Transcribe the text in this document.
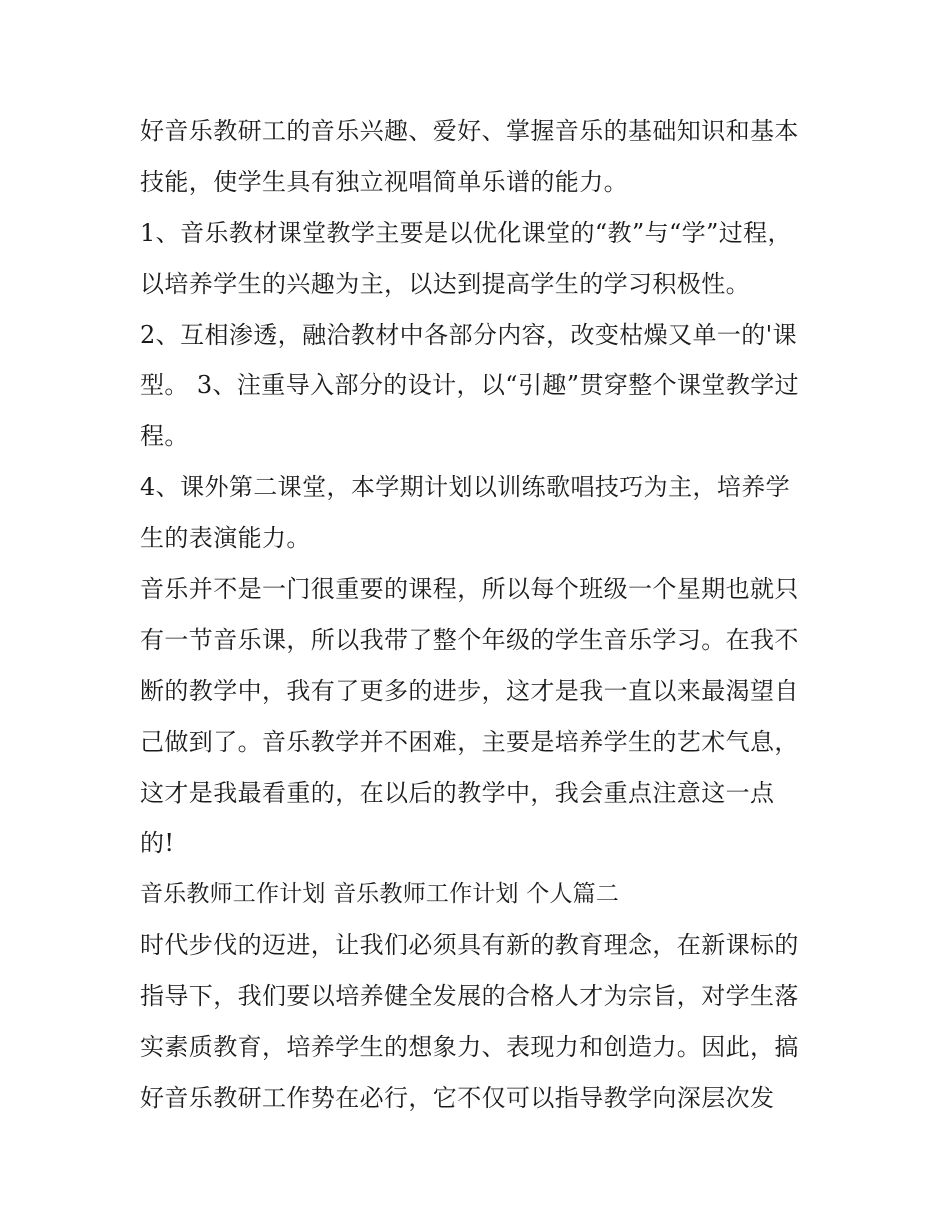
好音乐教研工的音乐兴趣、爱好、掌握音乐的基础知识和基本
技能，使学生具有独立视唱简单乐谱的能力。
1、音乐教材课堂教学主要是以优化课堂的“教”与“学”过程，
以培养学生的兴趣为主，以达到提高学生的学习积极性。
2、互相渗透，融洽教材中各部分内容，改变枯燥又单一的'课
型。 3、注重导入部分的设计，以“引趣”贯穿整个课堂教学过
程。
4、课外第二课堂，本学期计划以训练歌唱技巧为主，培养学
生的表演能力。
音乐并不是一门很重要的课程，所以每个班级一个星期也就只
有一节音乐课，所以我带了整个年级的学生音乐学习。在我不
断的教学中，我有了更多的进步，这才是我一直以来最渴望自
己做到了。音乐教学并不困难，主要是培养学生的艺术气息，
这才是我最看重的，在以后的教学中，我会重点注意这一点
的!
音乐教师工作计划 音乐教师工作计划 个人篇二
时代步伐的迈进，让我们必须具有新的教育理念，在新课标的
指导下，我们要以培养健全发展的合格人才为宗旨，对学生落
实素质教育，培养学生的想象力、表现力和创造力。因此，搞
好音乐教研工作势在必行，它不仅可以指导教学向深层次发
